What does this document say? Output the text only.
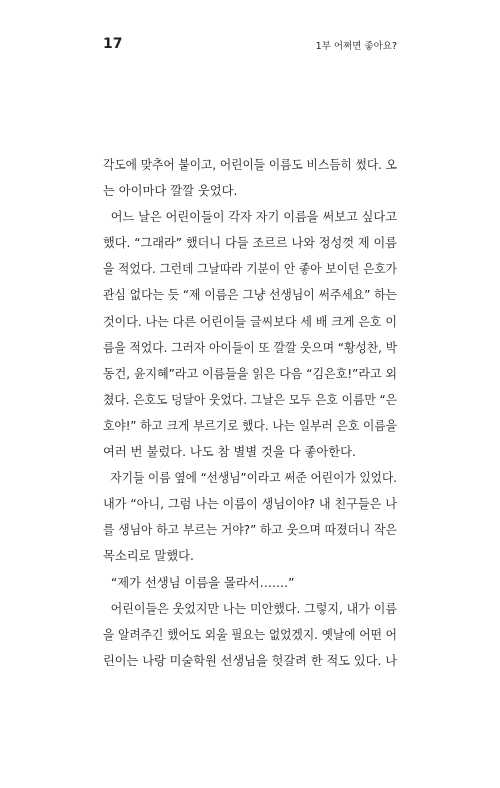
17	1부 어쩌면 좋아요?
각도에 맞추어 붙이고, 어린이들 이름도 비스듬히 썼다. 오
는 아이마다 깔깔 웃었다.
어느 날은 어린이들이 각자 자기 이름을 써보고 싶다고
했다. “그래라” 했더니 다들 조르르 나와 정성껏 제 이름
을 적었다. 그런데 그날따라 기분이 안 좋아 보이던 은호가
관심 없다는 듯 “제 이름은 그냥 선생님이 써주세요” 하는
것이다. 나는 다른 어린이들 글씨보다 세 배 크게 은호 이
름을 적었다. 그러자 아이들이 또 깔깔 웃으며 “황성찬, 박
동건, 윤지혜”라고 이름들을 읽은 다음 “김은호!”라고 외
쳤다. 은호도 덩달아 웃었다. 그날은 모두 은호 이름만 “은
호야!” 하고 크게 부르기로 했다. 나는 일부러 은호 이름을
여러 번 불렀다. 나도 참 별별 것을 다 좋아한다.
자기들 이름 옆에 “선생님”이라고 써준 어린이가 있었다.
내가 “아니, 그럼 나는 이름이 생님이야? 내 친구들은 나
를 생님아 하고 부르는 거야?” 하고 웃으며 따졌더니 작은
목소리로 말했다.
“제가 선생님 이름을 몰라서…….”
어린이들은 웃었지만 나는 미안했다. 그렇지, 내가 이름
을 알려주긴 했어도 외울 필요는 없었겠지. 옛날에 어떤 어
린이는 나랑 미술학원 선생님을 헛갈려 한 적도 있다. 나
